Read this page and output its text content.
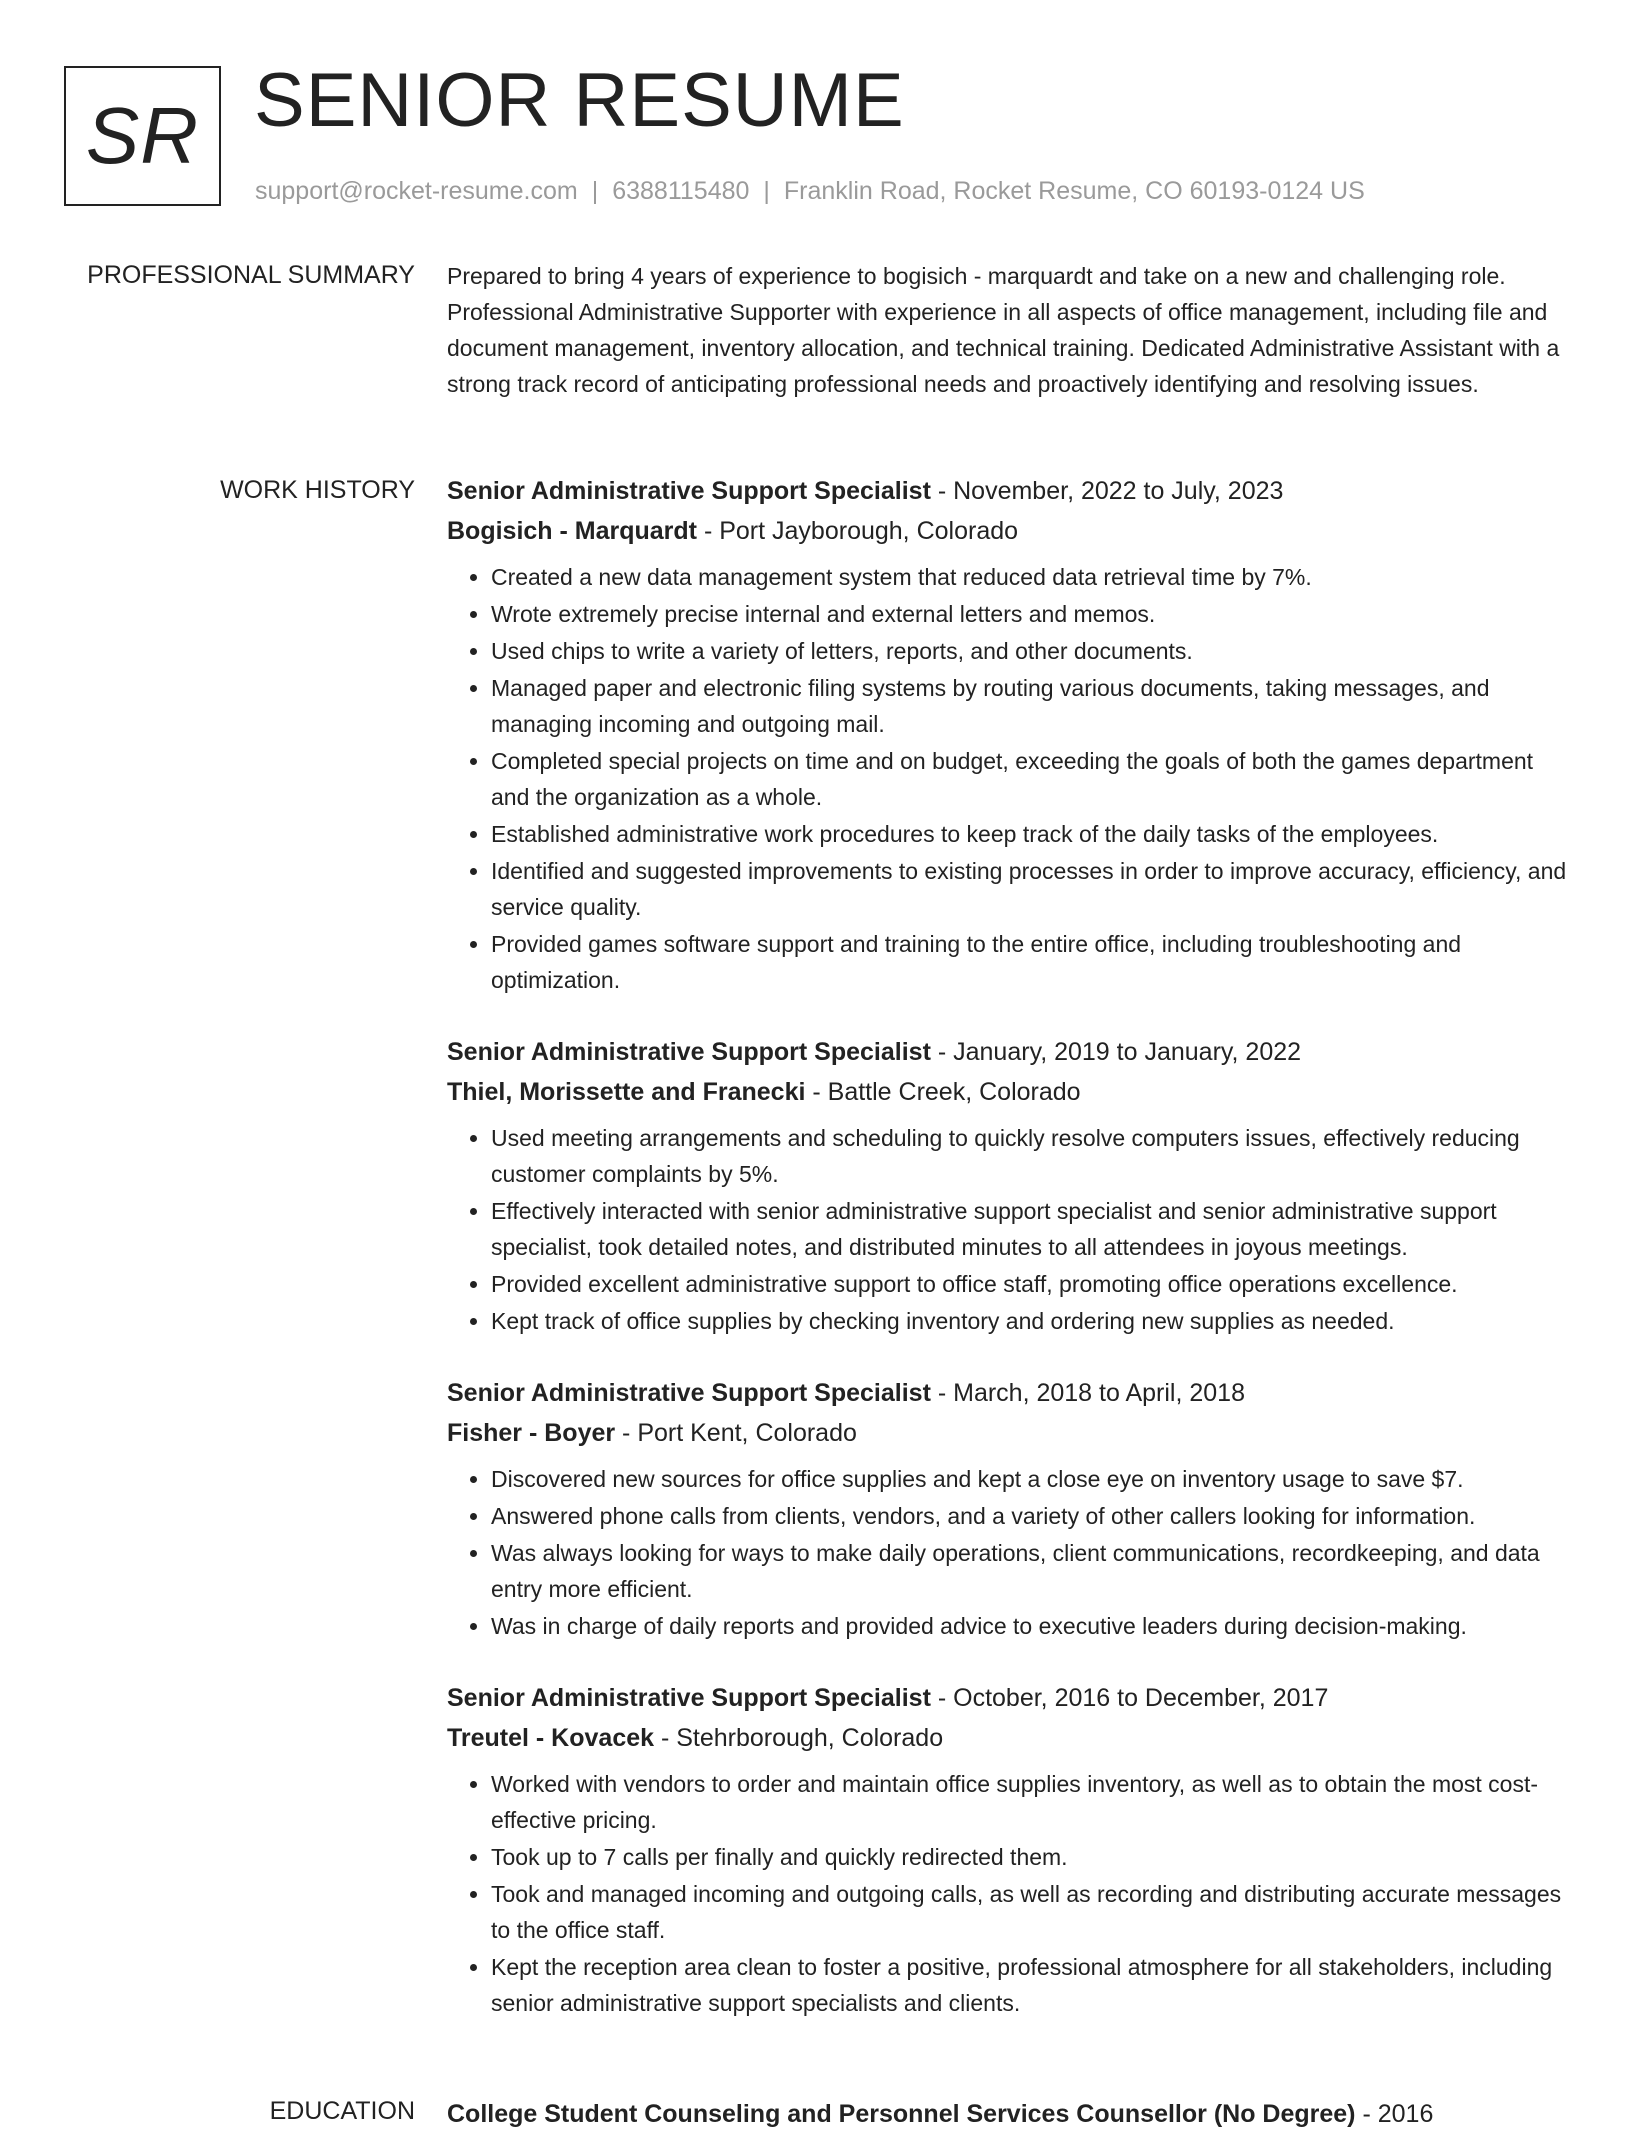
SR SENIOR RESUME
support@rocket-resume.com | 6388115480 | Franklin Road, Rocket Resume, CO 60193-0124 US
PROFESSIONAL SUMMARY Prepared to bring 4 years of experience to bogisich - marquardt and take on a new and challenging role. Professional Administrative Supporter with experience in all aspects of office management, including file and document management, inventory allocation, and technical training. Dedicated Administrative Assistant with a strong track record of anticipating professional needs and proactively identifying and resolving issues.

WORK HISTORY Senior Administrative Support Specialist - November, 2022 to July, 2023
Bogisich - Marquardt - Port Jayborough, Colorado
• Created a new data management system that reduced data retrieval time by 7%.
• Wrote extremely precise internal and external letters and memos.
• Used chips to write a variety of letters, reports, and other documents.
• Managed paper and electronic filing systems by routing various documents, taking messages, and managing incoming and outgoing mail.
• Completed special projects on time and on budget, exceeding the goals of both the games department and the organization as a whole.
• Established administrative work procedures to keep track of the daily tasks of the employees.
• Identified and suggested improvements to existing processes in order to improve accuracy, efficiency, and service quality.
• Provided games software support and training to the entire office, including troubleshooting and optimization.
Senior Administrative Support Specialist - January, 2019 to January, 2022
Thiel, Morissette and Franecki - Battle Creek, Colorado
• Used meeting arrangements and scheduling to quickly resolve computers issues, effectively reducing customer complaints by 5%.
• Effectively interacted with senior administrative support specialist and senior administrative support specialist, took detailed notes, and distributed minutes to all attendees in joyous meetings.
• Provided excellent administrative support to office staff, promoting office operations excellence.
• Kept track of office supplies by checking inventory and ordering new supplies as needed.
Senior Administrative Support Specialist - March, 2018 to April, 2018
Fisher - Boyer - Port Kent, Colorado
• Discovered new sources for office supplies and kept a close eye on inventory usage to save $7.
• Answered phone calls from clients, vendors, and a variety of other callers looking for information.
• Was always looking for ways to make daily operations, client communications, recordkeeping, and data entry more efficient.
• Was in charge of daily reports and provided advice to executive leaders during decision-making.
Senior Administrative Support Specialist - October, 2016 to December, 2017
Treutel - Kovacek - Stehrborough, Colorado
• Worked with vendors to order and maintain office supplies inventory, as well as to obtain the most cost-effective pricing.
• Took up to 7 calls per finally and quickly redirected them.
• Took and managed incoming and outgoing calls, as well as recording and distributing accurate messages to the office staff.
• Kept the reception area clean to foster a positive, professional atmosphere for all stakeholders, including senior administrative support specialists and clients.
EDUCATION College Student Counseling and Personnel Services Counsellor (No Degree) - 2016
